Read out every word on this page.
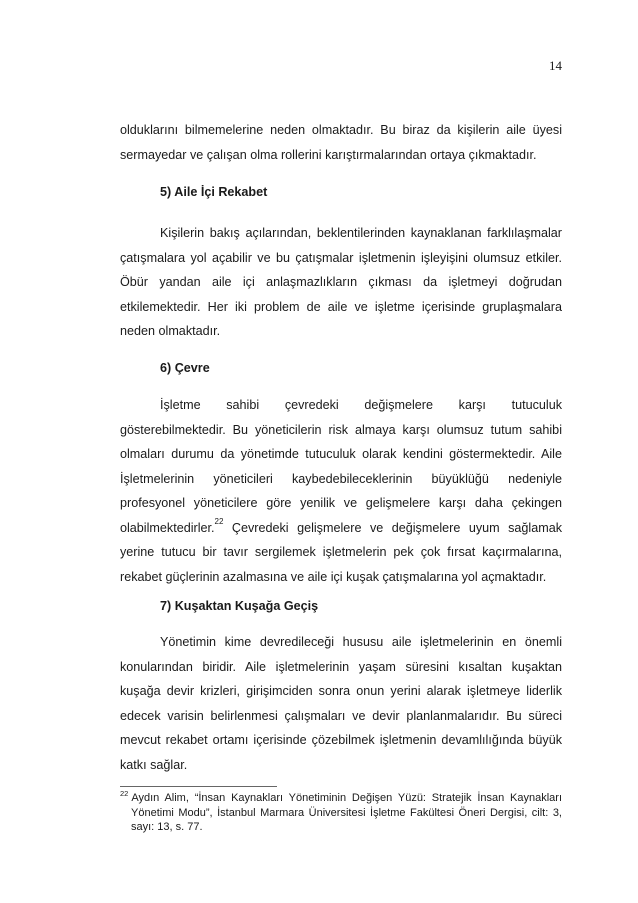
14
olduklarını bilmemelerine neden olmaktadır. Bu biraz da kişilerin aile üyesi
sermayedar ve çalışan olma rollerini karıştırmalarından ortaya çıkmaktadır.
5) Aile İçi Rekabet
Kişilerin bakış açılarından, beklentilerinden kaynaklanan farklılaşmalar
çatışmalara yol açabilir ve bu çatışmalar işletmenin işleyişini olumsuz etkiler.
Öbür yandan aile içi anlaşmazlıkların çıkması da işletmeyi doğrudan
etkilemektedir. Her iki problem de aile ve işletme içerisinde gruplaşmalara
neden olmaktadır.
6) Çevre
İşletme sahibi çevredeki değişmelere karşı tutuculuk
gösterebilmektedir. Bu yöneticilerin risk almaya karşı olumsuz tutum sahibi
olmaları durumu da yönetimde tutuculuk olarak kendini göstermektedir. Aile
İşletmelerinin yöneticileri kaybedebileceklerinin büyüklüğü nedeniyle
profesyonel yöneticilere göre yenilik ve gelişmelere karşı daha çekingen
olabilmektedirler.$^{22}$ Çevredeki gelişmelere ve değişmelere uyum sağlamak
yerine tutucu bir tavır sergilemek işletmelerin pek çok fırsat kaçırmalarına,
rekabet güçlerinin azalmasına ve aile içi kuşak çatışmalarına yol açmaktadır.
7) Kuşaktan Kuşağa Geçiş
Yönetimin kime devredileceği hususu aile işletmelerinin en önemli
konularından biridir. Aile işletmelerinin yaşam süresini kısaltan kuşaktan
kuşağa devir krizleri, girişimciden sonra onun yerini alarak işletmeye liderlik
edecek varisin belirlenmesi çalışmaları ve devir planlanmalarıdır. Bu süreci
mevcut rekabet ortamı içerisinde çözebilmek işletmenin devamlılığında büyük
katkı sağlar.
$^{22}$ Aydın Alim, “İnsan Kaynakları Yönetiminin Değişen Yüzü: Stratejik İnsan Kaynakları
Yönetimi Modu”, İstanbul Marmara Üniversitesi İşletme Fakültesi Öneri Dergisi, cilt: 3,
sayı: 13, s. 77.
